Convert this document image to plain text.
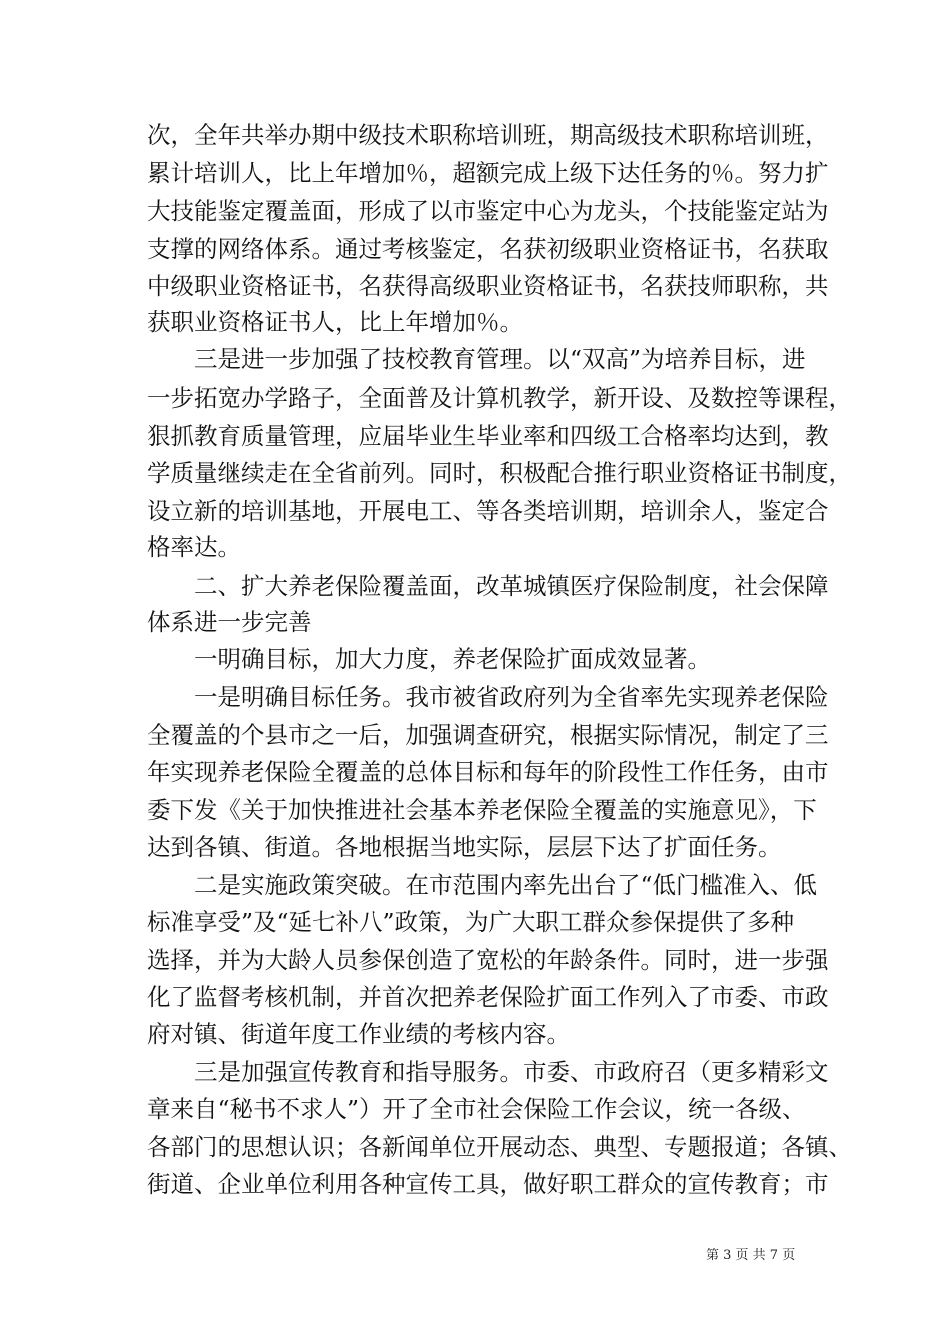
次，全年共举办期中级技术职称培训班，期高级技术职称培训班，
累计培训人，比上年增加％，超额完成上级下达任务的％。努力扩
大技能鉴定覆盖面，形成了以市鉴定中心为龙头，个技能鉴定站为
支撑的网络体系。通过考核鉴定，名获初级职业资格证书，名获取
中级职业资格证书，名获得高级职业资格证书，名获技师职称，共
获职业资格证书人，比上年增加％。
　　三是进一步加强了技校教育管理。以“双高”为培养目标，进
一步拓宽办学路子，全面普及计算机教学，新开设、及数控等课程，
狠抓教育质量管理，应届毕业生毕业率和四级工合格率均达到，教
学质量继续走在全省前列。同时，积极配合推行职业资格证书制度，
设立新的培训基地，开展电工、等各类培训期，培训余人，鉴定合
格率达。
　　二、扩大养老保险覆盖面，改革城镇医疗保险制度，社会保障
体系进一步完善
　　一明确目标，加大力度，养老保险扩面成效显著。
　　一是明确目标任务。我市被省政府列为全省率先实现养老保险
全覆盖的个县市之一后，加强调查研究，根据实际情况，制定了三
年实现养老保险全覆盖的总体目标和每年的阶段性工作任务，由市
委下发《关于加快推进社会基本养老保险全覆盖的实施意见》，下
达到各镇、街道。各地根据当地实际，层层下达了扩面任务。
　　二是实施政策突破。在市范围内率先出台了“低门槛准入、低
标准享受”及“延七补八”政策，为广大职工群众参保提供了多种
选择，并为大龄人员参保创造了宽松的年龄条件。同时，进一步强
化了监督考核机制，并首次把养老保险扩面工作列入了市委、市政
府对镇、街道年度工作业绩的考核内容。
　　三是加强宣传教育和指导服务。市委、市政府召（更多精彩文
章来自“秘书不求人”）开了全市社会保险工作会议，统一各级、
各部门的思想认识；各新闻单位开展动态、典型、专题报道；各镇、
街道、企业单位利用各种宣传工具，做好职工群众的宣传教育；市
第 3 页 共 7 页
